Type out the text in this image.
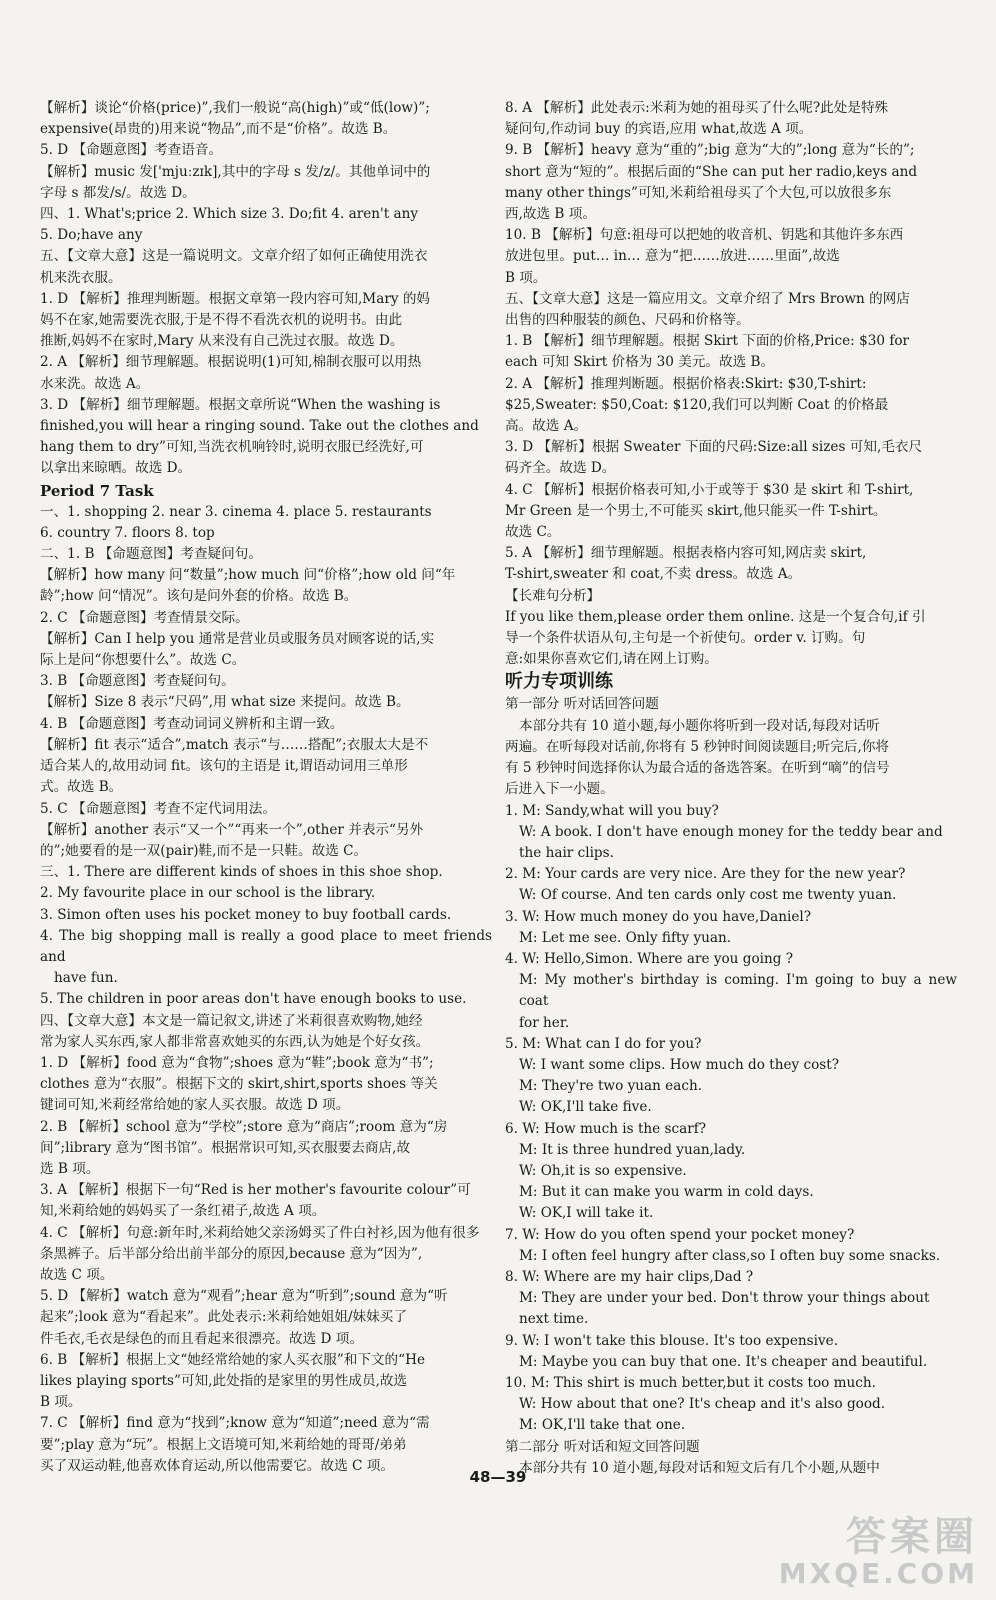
【解析】谈论“价格(price)”,我们一般说“高(high)”或“低(low)”;

expensive(昂贵的)用来说“物品”,而不是“价格”。故选 B。

5. D 【命题意图】考查语音。

【解析】music 发['mjuːzɪk],其中的字母 s 发/z/。其他单词中的

字母 s 都发/s/。故选 D。

四、1. What's;price 2. Which size 3. Do;fit 4. aren't any

5. Do;have any

五、【文章大意】这是一篇说明文。文章介绍了如何正确使用洗衣

机来洗衣服。

1. D 【解析】推理判断题。根据文章第一段内容可知,Mary 的妈

妈不在家,她需要洗衣服,于是不得不看洗衣机的说明书。由此

推断,妈妈不在家时,Mary 从来没有自己洗过衣服。故选 D。

2. A 【解析】细节理解题。根据说明(1)可知,棉制衣服可以用热

水来洗。故选 A。

3. D 【解析】细节理解题。根据文章所说“When the washing is

finished,you will hear a ringing sound. Take out the clothes and

hang them to dry”可知,当洗衣机响铃时,说明衣服已经洗好,可

以拿出来晾晒。故选 D。

Period 7 Task

一、1. shopping 2. near 3. cinema 4. place 5. restaurants

6. country 7. floors 8. top

二、1. B 【命题意图】考查疑问句。

【解析】how many 问“数量”;how much 问“价格”;how old 问“年

龄”;how 问“情况”。该句是问外套的价格。故选 B。

2. C 【命题意图】考查情景交际。

【解析】Can I help you 通常是营业员或服务员对顾客说的话,实

际上是问“你想要什么”。故选 C。

3. B 【命题意图】考查疑问句。

【解析】Size 8 表示“尺码”,用 what size 来提问。故选 B。

4. B 【命题意图】考查动词词义辨析和主谓一致。

【解析】fit 表示“适合”,match 表示“与……搭配”;衣服太大是不

适合某人的,故用动词 fit。该句的主语是 it,谓语动词用三单形

式。故选 B。

5. C 【命题意图】考查不定代词用法。

【解析】another 表示“又一个”“再来一个”,other 并表示“另外

的”;她要看的是一双(pair)鞋,而不是一只鞋。故选 C。

三、1. There are different kinds of shoes in this shoe shop.

2. My favourite place in our school is the library.

3. Simon often uses his pocket money to buy football cards.

4. The big shopping mall is really a good place to meet friends and

have fun.

5. The children in poor areas don't have enough books to use.

四、【文章大意】本文是一篇记叙文,讲述了米莉很喜欢购物,她经

常为家人买东西,家人都非常喜欢她买的东西,认为她是个好女孩。

1. D 【解析】food 意为“食物”;shoes 意为“鞋”;book 意为“书”;

clothes 意为“衣服”。根据下文的 skirt,shirt,sports shoes 等关

键词可知,米莉经常给她的家人买衣服。故选 D 项。

2. B 【解析】school 意为“学校”;store 意为“商店”;room 意为“房

间”;library 意为“图书馆”。根据常识可知,买衣服要去商店,故

选 B 项。

3. A 【解析】根据下一句“Red is her mother's favourite colour”可

知,米莉给她的妈妈买了一条红裙子,故选 A 项。

4. C 【解析】句意:新年时,米莉给她父亲汤姆买了件白衬衫,因为他有很多

条黑裤子。后半部分给出前半部分的原因,because 意为“因为”,

故选 C 项。

5. D 【解析】watch 意为“观看”;hear 意为“听到”;sound 意为“听

起来”;look 意为“看起来”。此处表示:米莉给她姐姐/妹妹买了

件毛衣,毛衣是绿色的而且看起来很漂亮。故选 D 项。

6. B 【解析】根据上文“她经常给她的家人买衣服”和下文的“He

likes playing sports”可知,此处指的是家里的男性成员,故选

B 项。

7. C 【解析】find 意为“找到”;know 意为“知道”;need 意为“需

要”;play 意为“玩”。根据上文语境可知,米莉给她的哥哥/弟弟

买了双运动鞋,他喜欢体育运动,所以他需要它。故选 C 项。

8. A 【解析】此处表示:米莉为她的祖母买了什么呢?此处是特殊

疑问句,作动词 buy 的宾语,应用 what,故选 A 项。

9. B 【解析】heavy 意为“重的”;big 意为“大的”;long 意为“长的”;

short 意为“短的”。根据后面的“She can put her radio,keys and

many other things”可知,米莉给祖母买了个大包,可以放很多东

西,故选 B 项。

10. B 【解析】句意:祖母可以把她的收音机、钥匙和其他许多东西

放进包里。put… in… 意为“把……放进……里面”,故选

B 项。

五、【文章大意】这是一篇应用文。文章介绍了 Mrs Brown 的网店

出售的四种服装的颜色、尺码和价格等。

1. B 【解析】细节理解题。根据 Skirt 下面的价格,Price: $30 for

each 可知 Skirt 价格为 30 美元。故选 B。

2. A 【解析】推理判断题。根据价格表:Skirt: $30,T-shirt:

$25,Sweater: $50,Coat: $120,我们可以判断 Coat 的价格最

高。故选 A。

3. D 【解析】根据 Sweater 下面的尺码:Size:all sizes 可知,毛衣尺

码齐全。故选 D。

4. C 【解析】根据价格表可知,小于或等于 $30 是 skirt 和 T-shirt,

Mr Green 是一个男士,不可能买 skirt,他只能买一件 T-shirt。

故选 C。

5. A 【解析】细节理解题。根据表格内容可知,网店卖 skirt,

T-shirt,sweater 和 coat,不卖 dress。故选 A。

【长难句分析】

If you like them,please order them online. 这是一个复合句,if 引

导一个条件状语从句,主句是一个祈使句。order v. 订购。句

意:如果你喜欢它们,请在网上订购。

听力专项训练

第一部分 听对话回答问题

本部分共有 10 道小题,每小题你将听到一段对话,每段对话听

两遍。在听每段对话前,你将有 5 秒钟时间阅读题目;听完后,你将

有 5 秒钟时间选择你认为最合适的备选答案。在听到“嘀”的信号

后进入下一小题。

1. M: Sandy,what will you buy?

W: A book. I don't have enough money for the teddy bear and

the hair clips.

2. M: Your cards are very nice. Are they for the new year?

W: Of course. And ten cards only cost me twenty yuan.

3. W: How much money do you have,Daniel?

M: Let me see. Only fifty yuan.

4. W: Hello,Simon. Where are you going ?

M: My mother's birthday is coming. I'm going to buy a new coat

for her.

5. M: What can I do for you?

W: I want some clips. How much do they cost?

M: They're two yuan each.

W: OK,I'll take five.

6. W: How much is the scarf?

M: It is three hundred yuan,lady.

W: Oh,it is so expensive.

M: But it can make you warm in cold days.

W: OK,I will take it.

7. W: How do you often spend your pocket money?

M: I often feel hungry after class,so I often buy some snacks.

8. W: Where are my hair clips,Dad ?

M: They are under your bed. Don't throw your things about

next time.

9. W: I won't take this blouse. It's too expensive.

M: Maybe you can buy that one. It's cheaper and beautiful.

10. M: This shirt is much better,but it costs too much.

W: How about that one? It's cheap and it's also good.

M: OK,I'll take that one.

第二部分 听对话和短文回答问题

本部分共有 10 道小题,每段对话和短文后有几个小题,从题中

48—39
答案圈
MXQE.COM
